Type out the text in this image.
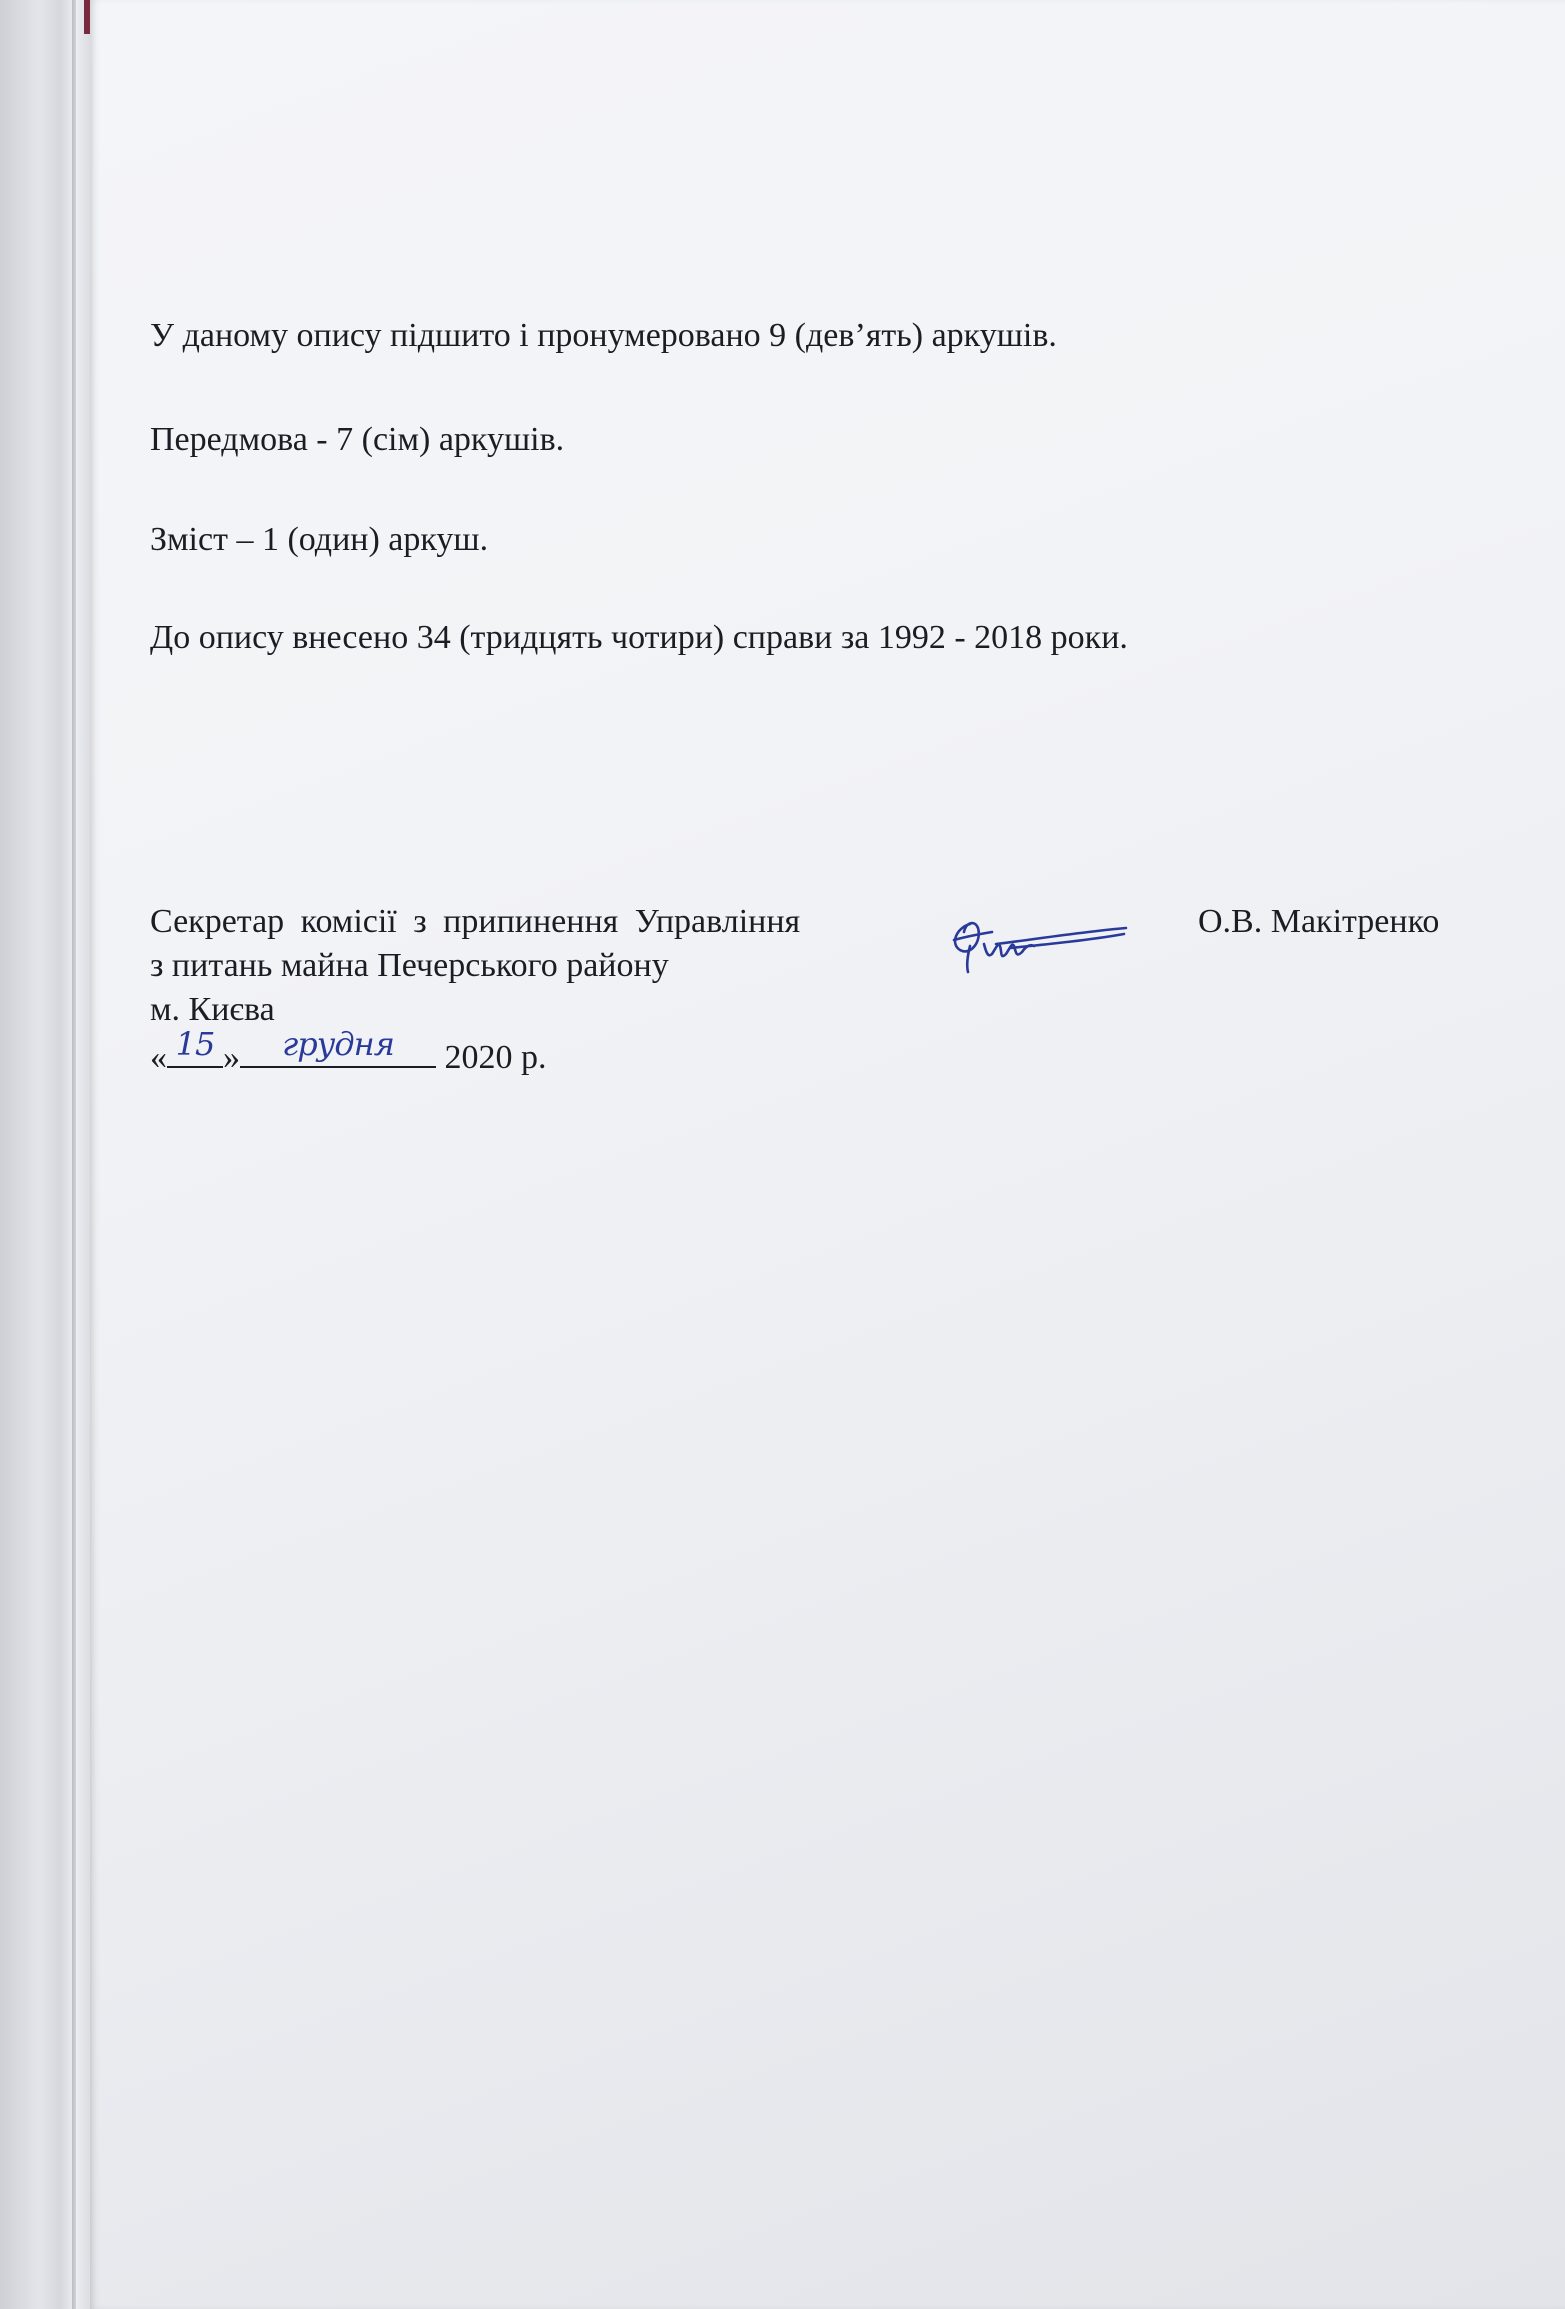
У даному опису підшито і пронумеровано 9 (дев’ять) аркушів.

Передмова - 7 (сім) аркушів.

Зміст – 1 (один) аркуш.

До опису внесено 34 (тридцять чотири) справи за 1992 - 2018 роки.

Секретар комісії з припинення Управління

з питань майна Печерського району

м. Києва

« 15 »	грудня	2020 р.

О.В. Макітренко
